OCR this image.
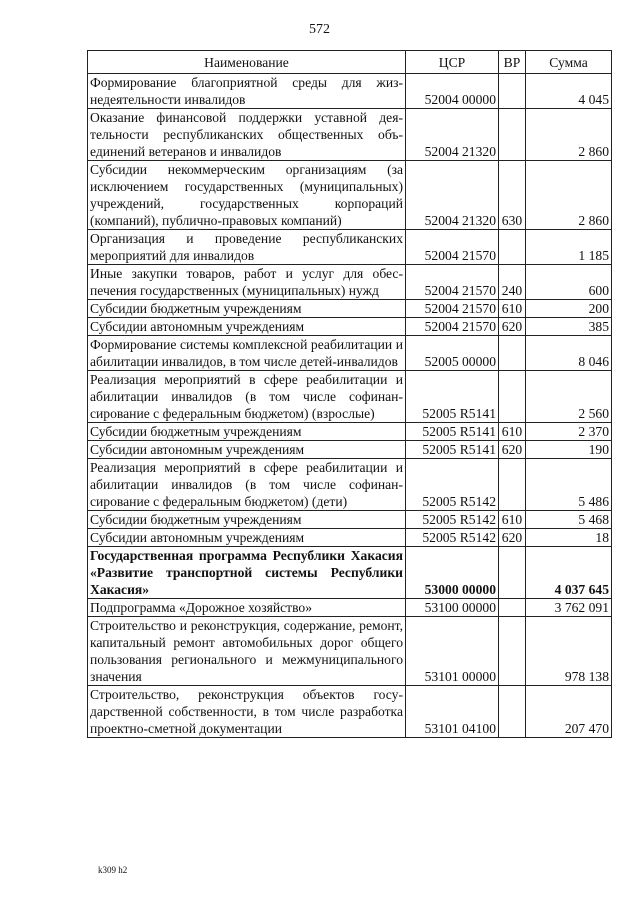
572
Наименование	ЦСР	ВР	Сумма
Формирование благоприятной среды для жизнедеятельности инвалидов	52004 00000		4 045
Оказание финансовой поддержки уставной деятельности республиканских общественных объединений ветеранов и инвалидов	52004 21320		2 860
Субсидии некоммерческим организациям (за исключением государственных (муниципальных) учреждений, государственных корпораций (компаний), публично-правовых компаний)	52004 21320	630	2 860
Организация и проведение республиканских мероприятий для инвалидов	52004 21570		1 185
Иные закупки товаров, работ и услуг для обеспечения государственных (муниципальных) нужд	52004 21570	240	600
Субсидии бюджетным учреждениям	52004 21570	610	200
Субсидии автономным учреждениям	52004 21570	620	385
Формирование системы комплексной реабилитации и абилитации инвалидов, в том числе детей-инвалидов	52005 00000		8 046
Реализация мероприятий в сфере реабилитации и абилитации инвалидов (в том числе софинансирование с федеральным бюджетом) (взрослые)	52005 R5141		2 560
Субсидии бюджетным учреждениям	52005 R5141	610	2 370
Субсидии автономным учреждениям	52005 R5141	620	190
Реализация мероприятий в сфере реабилитации и абилитации инвалидов (в том числе софинансирование с федеральным бюджетом) (дети)	52005 R5142		5 486
Субсидии бюджетным учреждениям	52005 R5142	610	5 468
Субсидии автономным учреждениям	52005 R5142	620	18
Государственная программа Республики Хакасия «Развитие транспортной системы Республики Хакасия»	53000 00000		4 037 645
Подпрограмма «Дорожное хозяйство»	53100 00000		3 762 091
Строительство и реконструкция, содержание, ремонт, капитальный ремонт автомобильных дорог общего пользования регионального и межмуниципального значения	53101 00000		978 138
Строительство, реконструкция объектов государственной собственности, в том числе разработка проектно-сметной документации	53101 04100		207 470
k309 h2
